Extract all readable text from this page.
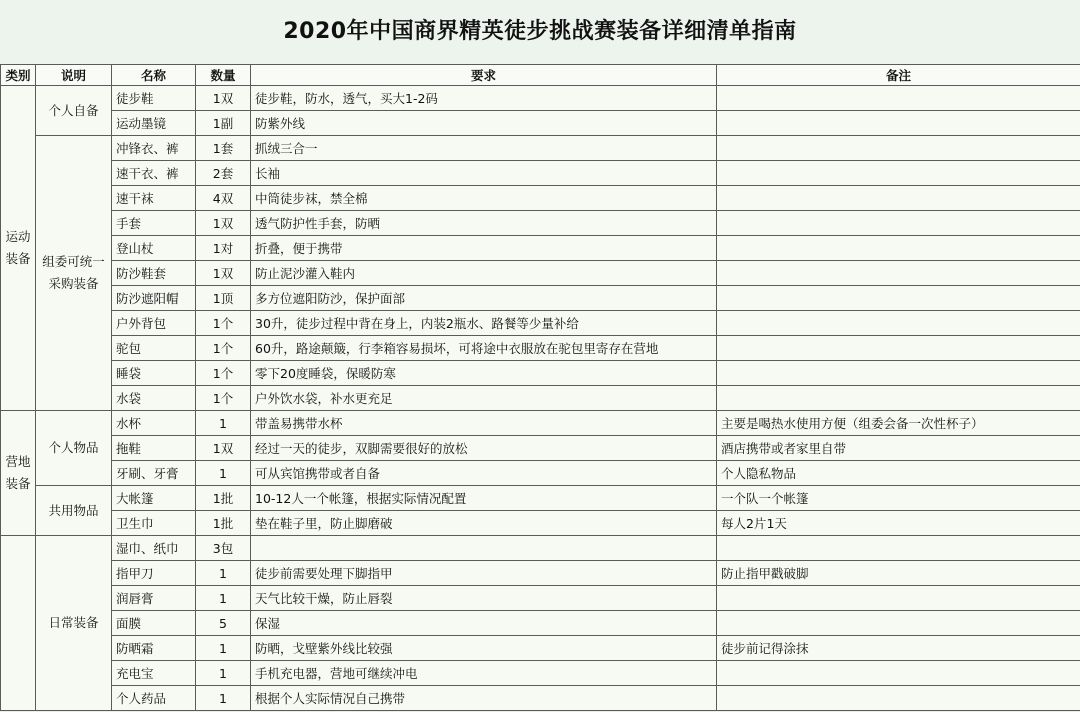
2020年中国商界精英徒步挑战赛装备详细清单指南
类别	说明	名称	数量	要求	备注
运动装备	个人自备	徒步鞋	1双	徒步鞋，防水，透气，买大1-2码	
		运动墨镜	1副	防紫外线	
	组委可统一采购装备	冲锋衣、裤	1套	抓绒三合一	
		速干衣、裤	2套	长袖	
		速干袜	4双	中筒徒步袜，禁全棉	
		手套	1双	透气防护性手套，防晒	
		登山杖	1对	折叠，便于携带	
		防沙鞋套	1双	防止泥沙灌入鞋内	
		防沙遮阳帽	1顶	多方位遮阳防沙，保护面部	
		户外背包	1个	30升，徒步过程中背在身上，内装2瓶水、路餐等少量补给	
		驼包	1个	60升，路途颠簸，行李箱容易损坏，可将途中衣服放在驼包里寄存在营地	
		睡袋	1个	零下20度睡袋，保暖防寒	
		水袋	1个	户外饮水袋，补水更充足	
营地装备	个人物品	水杯	1	带盖易携带水杯	主要是喝热水使用方便（组委会备一次性杯子）
		拖鞋	1双	经过一天的徒步，双脚需要很好的放松	酒店携带或者家里自带
		牙刷、牙膏	1	可从宾馆携带或者自备	个人隐私物品
	共用物品	大帐篷	1批	10-12人一个帐篷，根据实际情况配置	一个队一个帐篷
		卫生巾	1批	垫在鞋子里，防止脚磨破	每人2片1天
	日常装备	湿巾、纸巾	3包		
		指甲刀	1	徒步前需要处理下脚指甲	防止指甲戳破脚
		润唇膏	1	天气比较干燥，防止唇裂	
		面膜	5	保湿	
		防晒霜	1	防晒，戈壁紫外线比较强	徒步前记得涂抹
		充电宝	1	手机充电器，营地可继续冲电	
		个人药品	1	根据个人实际情况自己携带	
